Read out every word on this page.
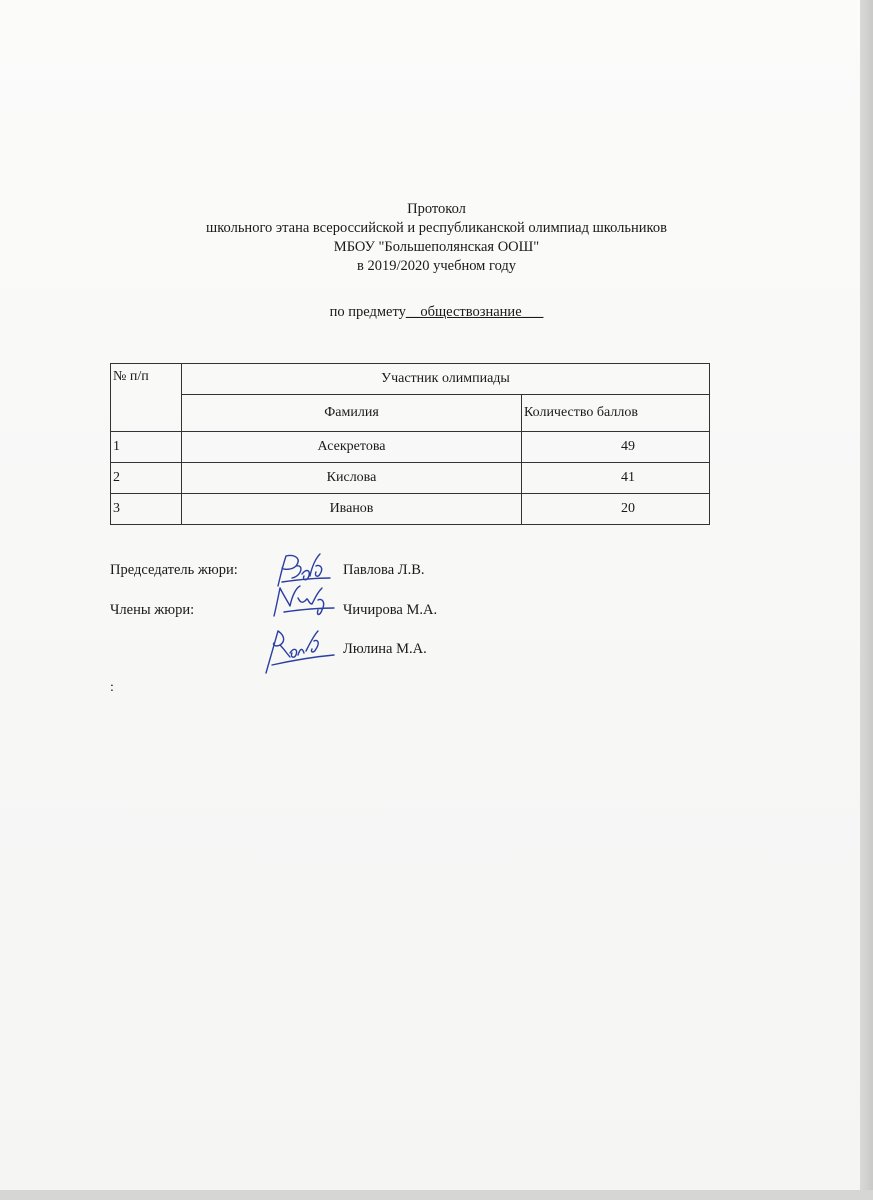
Протокол
школьного этана всероссийской и республиканской олимпиад школьников
МБОУ "Большеполянская ООШ"
в 2019/2020 учебном году
по предмету__обществознание___
№ п/п	Участник олимпиады	
	Фамилия	Количество баллов
1	Асекретова	49
2	Кислова	41
3	Иванов	20
Председатель жюри:	Павлова Л.В.
Члены жюри:	Чичирова М.А.
Люлина М.А.
:
